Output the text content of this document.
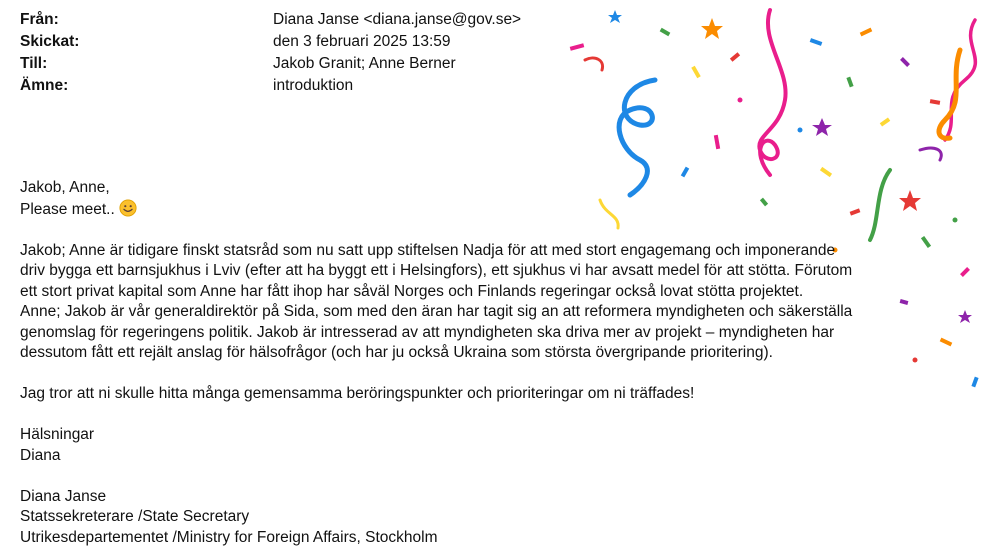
Från:	Diana Janse <diana.janse@gov.se>
Skickat:	den 3 februari 2025 13:59
Till:	Jakob Granit; Anne Berner
Ämne:	introduktion

Jakob, Anne,

Please meet..

Jakob; Anne är tidigare finskt statsråd som nu satt upp stiftelsen Nadja för att med stort engagemang och imponerande

driv bygga ett barnsjukhus i Lviv (efter att ha byggt ett i Helsingfors), ett sjukhus vi har avsatt medel för att stötta. Förutom

ett stort privat kapital som Anne har fått ihop har såväl Norges och Finlands regeringar också lovat stötta projektet.

Anne; Jakob är vår generaldirektör på Sida, som med den äran har tagit sig an att reformera myndigheten och säkerställa

genomslag för regeringens politik. Jakob är intresserad av att myndigheten ska driva mer av projekt – myndigheten har

dessutom fått ett rejält anslag för hälsofrågor (och har ju också Ukraina som största övergripande prioritering).

Jag tror att ni skulle hitta många gemensamma beröringspunkter och prioriteringar om ni träffades!

Hälsningar

Diana

Diana Janse

Statssekreterare /State Secretary

Utrikesdepartementet /Ministry for Foreign Affairs, Stockholm
